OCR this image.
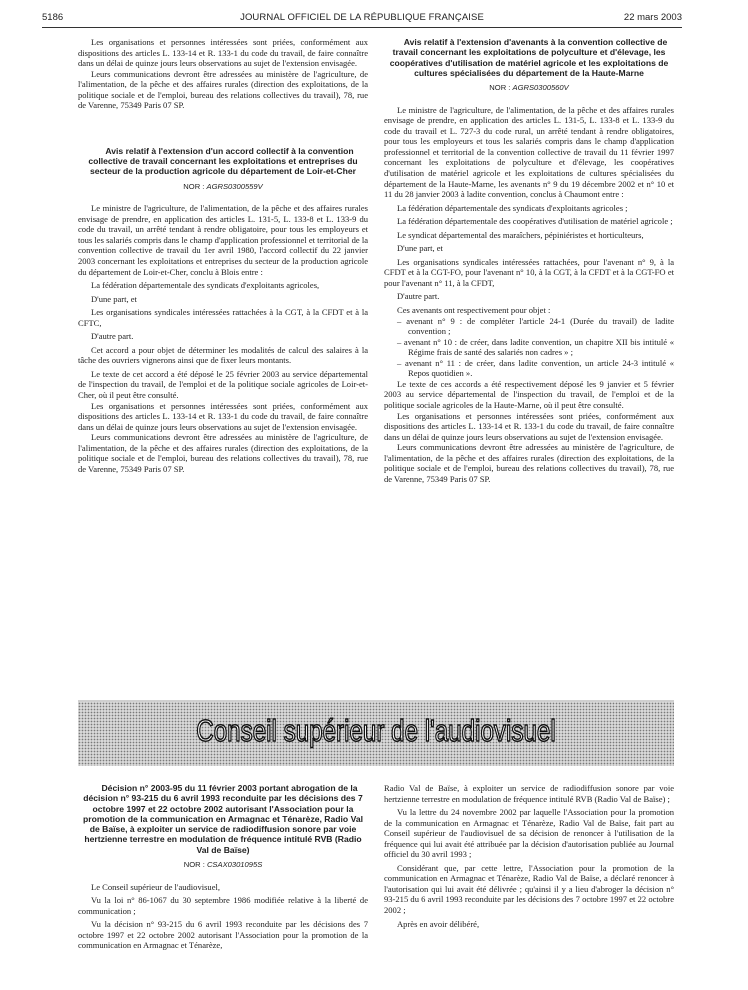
5186	JOURNAL OFFICIEL DE LA RÉPUBLIQUE FRANÇAISE	22 mars 2003

Les organisations et personnes intéressées sont priées, conformément aux dispositions des articles L. 133-14 et R. 133-1 du code du travail, de faire connaître dans un délai de quinze jours leurs observations au sujet de l'extension envisagée.

Leurs communications devront être adressées au ministère de l'agriculture, de l'alimentation, de la pêche et des affaires rurales (direction des exploitations, de la politique sociale et de l'emploi, bureau des relations collectives du travail), 78, rue de Varenne, 75349 Paris 07 SP.

Avis relatif à l'extension d'un accord collectif à la convention collective de travail concernant les exploitations et entreprises du secteur de la production agricole du département de Loir-et-Cher

NOR : AGRS0300559V

Le ministre de l'agriculture, de l'alimentation, de la pêche et des affaires rurales envisage de prendre, en application des articles L. 131-5, L. 133-8 et L. 133-9 du code du travail, un arrêté tendant à rendre obligatoire, pour tous les employeurs et tous les salariés compris dans le champ d'application professionnel et territorial de la convention collective de travail du 1er avril 1980, l'accord collectif du 22 janvier 2003 concernant les exploitations et entreprises du secteur de la production agricole du département de Loir-et-Cher, conclu à Blois entre :

La fédération départementale des syndicats d'exploitants agricoles,

D'une part, et

Les organisations syndicales intéressées rattachées à la CGT, à la CFDT et à la CFTC,

D'autre part.

Cet accord a pour objet de déterminer les modalités de calcul des salaires à la tâche des ouvriers vignerons ainsi que de fixer leurs montants.

Le texte de cet accord a été déposé le 25 février 2003 au service départemental de l'inspection du travail, de l'emploi et de la politique sociale agricoles de Loir-et-Cher, où il peut être consulté.

Les organisations et personnes intéressées sont priées, conformément aux dispositions des articles L. 133-14 et R. 133-1 du code du travail, de faire connaître dans un délai de quinze jours leurs observations au sujet de l'extension envisagée.

Leurs communications devront être adressées au ministère de l'agriculture, de l'alimentation, de la pêche et des affaires rurales (direction des exploitations, de la politique sociale et de l'emploi, bureau des relations collectives du travail), 78, rue de Varenne, 75349 Paris 07 SP.

Avis relatif à l'extension d'avenants à la convention collective de travail concernant les exploitations de polyculture et d'élevage, les coopératives d'utilisation de matériel agricole et les exploitations de cultures spécialisées du département de la Haute-Marne

NOR : AGRS0300560V

Le ministre de l'agriculture, de l'alimentation, de la pêche et des affaires rurales envisage de prendre, en application des articles L. 131-5, L. 133-8 et L. 133-9 du code du travail et L. 727-3 du code rural, un arrêté tendant à rendre obligatoires, pour tous les employeurs et tous les salariés compris dans le champ d'application professionnel et territorial de la convention collective de travail du 11 février 1997 concernant les exploitations de polyculture et d'élevage, les coopératives d'utilisation de matériel agricole et les exploitations de cultures spécialisées du département de la Haute-Marne, les avenants n° 9 du 19 décembre 2002 et n° 10 et 11 du 28 janvier 2003 à ladite convention, conclus à Chaumont entre :

La fédération départementale des syndicats d'exploitants agricoles ;

La fédération départementale des coopératives d'utilisation de matériel agricole ;

Le syndicat départemental des maraîchers, pépiniéristes et horticulteurs,

D'une part, et

Les organisations syndicales intéressées rattachées, pour l'avenant n° 9, à la CFDT et à la CGT-FO, pour l'avenant n° 10, à la CGT, à la CFDT et à la CGT-FO et pour l'avenant n° 11, à la CFDT,

D'autre part.

Ces avenants ont respectivement pour objet :

– avenant n° 9 : de compléter l'article 24-1 (Durée du travail) de ladite convention ;

– avenant n° 10 : de créer, dans ladite convention, un chapitre XII bis intitulé « Régime frais de santé des salariés non cadres » ;

– avenant n° 11 : de créer, dans ladite convention, un article 24-3 intitulé « Repos quotidien ».

Le texte de ces accords a été respectivement déposé les 9 janvier et 5 février 2003 au service départemental de l'inspection du travail, de l'emploi et de la politique sociale agricoles de la Haute-Marne, où il peut être consulté.

Les organisations et personnes intéressées sont priées, conformément aux dispositions des articles L. 133-14 et R. 133-1 du code du travail, de faire connaître dans un délai de quinze jours leurs observations au sujet de l'extension envisagée.

Leurs communications devront être adressées au ministère de l'agriculture, de l'alimentation, de la pêche et des affaires rurales (direction des exploitations, de la politique sociale et de l'emploi, bureau des relations collectives du travail), 78, rue de Varenne, 75349 Paris 07 SP.

Conseil supérieur de l'audiovisuel

Décision n° 2003-95 du 11 février 2003 portant abrogation de la décision n° 93-215 du 6 avril 1993 reconduite par les décisions des 7 octobre 1997 et 22 octobre 2002 autorisant l'Association pour la promotion de la communication en Armagnac et Ténarèze, Radio Val de Baïse, à exploiter un service de radiodiffusion sonore par voie hertzienne terrestre en modulation de fréquence intitulé RVB (Radio Val de Baïse)

NOR : CSAX0301095S

Le Conseil supérieur de l'audiovisuel,

Vu la loi n° 86-1067 du 30 septembre 1986 modifiée relative à la liberté de communication ;

Vu la décision n° 93-215 du 6 avril 1993 reconduite par les décisions des 7 octobre 1997 et 22 octobre 2002 autorisant l'Association pour la promotion de la communication en Armagnac et Ténarèze,

Radio Val de Baïse, à exploiter un service de radiodiffusion sonore par voie hertzienne terrestre en modulation de fréquence intitulé RVB (Radio Val de Baïse) ;

Vu la lettre du 24 novembre 2002 par laquelle l'Association pour la promotion de la communication en Armagnac et Ténarèze, Radio Val de Baïse, fait part au Conseil supérieur de l'audiovisuel de sa décision de renoncer à l'utilisation de la fréquence qui lui avait été attribuée par la décision d'autorisation publiée au Journal officiel du 30 avril 1993 ;

Considérant que, par cette lettre, l'Association pour la promotion de la communication en Armagnac et Ténarèze, Radio Val de Baïse, a déclaré renoncer à l'autorisation qui lui avait été délivrée ; qu'ainsi il y a lieu d'abroger la décision n° 93-215 du 6 avril 1993 reconduite par les décisions des 7 octobre 1997 et 22 octobre 2002 ;

Après en avoir délibéré,
